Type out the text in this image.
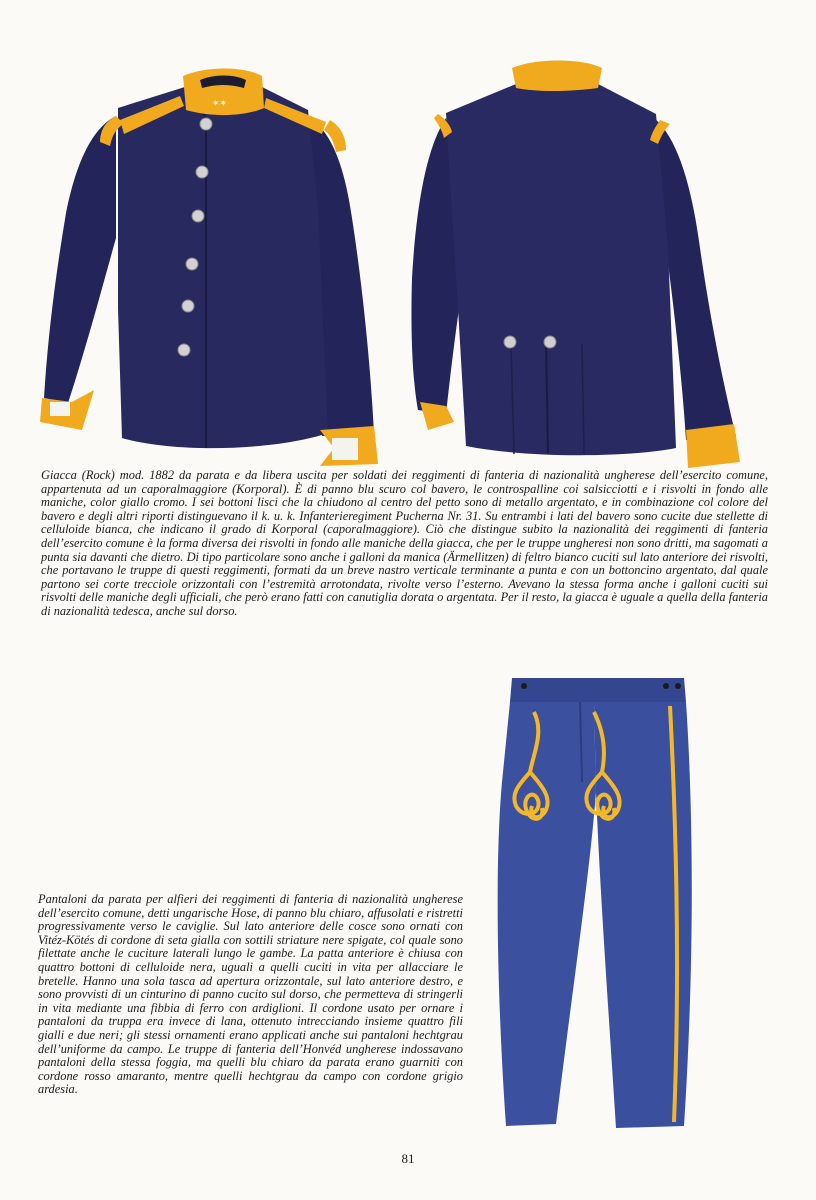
✶✶

Giacca (Rock) mod. 1882 da parata e da libera uscita per soldati dei reggimenti di fanteria di nazionalità ungherese dell’esercito comune, appartenuta ad un caporalmaggiore (Korporal). È di panno blu scuro col bavero, le controspalline coi salsicciotti e i risvolti in fondo alle maniche, color giallo cromo. I sei bottoni lisci che la chiudono al centro del petto sono di metallo argentato, e in combinazione col colore del bavero e degli altri riporti distinguevano il k. u. k. Infanterieregiment Pucherna Nr. 31. Su entrambi i lati del bavero sono cucite due stellette di celluloide bianca, che indicano il grado di Korporal (caporalmaggiore). Ciò che distingue subito la nazionalità dei reggimenti di fanteria dell’esercito comune è la forma diversa dei risvolti in fondo alle maniche della giacca, che per le truppe ungheresi non sono dritti, ma sagomati a punta sia davanti che dietro. Di tipo particolare sono anche i galloni da manica (Ärmellitzen) di feltro bianco cuciti sul lato anteriore dei risvolti, che portavano le truppe di questi reggimenti, formati da un breve nastro verticale terminante a punta e con un bottoncino argentato, dal quale partono sei corte trecciole orizzontali con l’estremità arrotondata, rivolte verso l’esterno. Avevano la stessa forma anche i galloni cuciti sui risvolti delle maniche degli ufficiali, che però erano fatti con canutiglia dorata o argentata. Per il resto, la giacca è uguale a quella della fanteria di nazionalità tedesca, anche sul dorso.

Pantaloni da parata per alfieri dei reggimenti di fanteria di nazionalità ungherese dell’esercito comune, detti ungarische Hose, di panno blu chiaro, affusolati e ristretti progressivamente verso le caviglie. Sul lato anteriore delle cosce sono ornati con Vitéz-Kötés di cordone di seta gialla con sottili striature nere spigate, col quale sono filettate anche le cuciture laterali lungo le gambe. La patta anteriore è chiusa con quattro bottoni di celluloide nera, uguali a quelli cuciti in vita per allacciare le bretelle. Hanno una sola tasca ad apertura orizzontale, sul lato anteriore destro, e sono provvisti di un cinturino di panno cucito sul dorso, che permetteva di stringerli in vita mediante una fibbia di ferro con ardiglioni. Il cordone usato per ornare i pantaloni da truppa era invece di lana, ottenuto intrecciando insieme quattro fili gialli e due neri; gli stessi ornamenti erano applicati anche sui pantaloni hechtgrau dell’uniforme da campo. Le truppe di fanteria dell’Honvéd ungherese indossavano pantaloni della stessa foggia, ma quelli blu chiaro da parata erano guarniti con cordone rosso amaranto, mentre quelli hechtgrau da campo con cordone grigio ardesia.

81
